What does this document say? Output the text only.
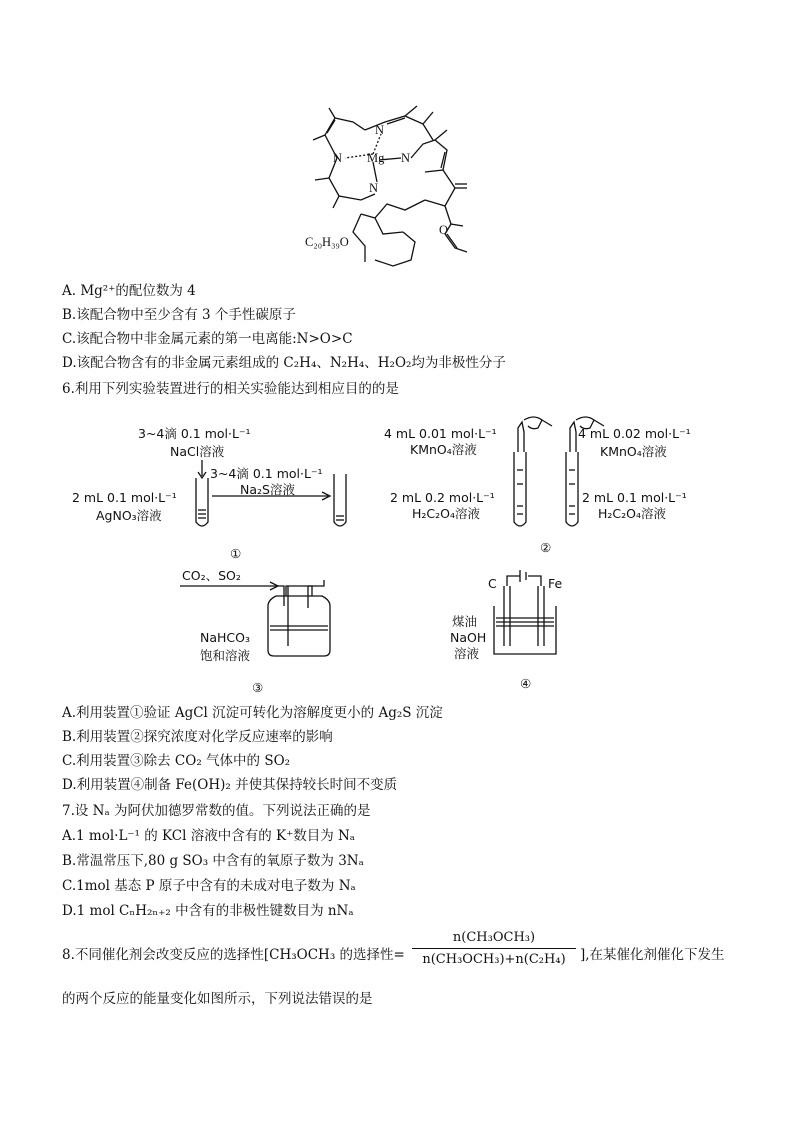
Mg
N
N	N
N
C₂₀H₃₉O
O
A. Mg²⁺的配位数为 4
B.该配合物中至少含有 3 个手性碳原子
C.该配合物中非金属元素的第一电离能:N>O>C
D.该配合物含有的非金属元素组成的 C₂H₄、N₂H₄、H₂O₂均为非极性分子
6.利用下列实验装置进行的相关实验能达到相应目的的是
3~4滴 0.1 mol·L⁻¹
NaCl溶液
3~4滴 0.1 mol·L⁻¹
Na₂S溶液
2 mL 0.1 mol·L⁻¹
AgNO₃溶液
①
4 mL 0.01 mol·L⁻¹
KMnO₄溶液
4 mL 0.02 mol·L⁻¹
KMnO₄溶液
2 mL 0.2 mol·L⁻¹
H₂C₂O₄溶液
2 mL 0.1 mol·L⁻¹
H₂C₂O₄溶液
②
CO₂、SO₂
NaHCO₃
饱和溶液
③
C	Fe
煤油
NaOH
溶液
④
A.利用装置①验证 AgCl 沉淀可转化为溶解度更小的 Ag₂S 沉淀
B.利用装置②探究浓度对化学反应速率的影响
C.利用装置③除去 CO₂ 气体中的 SO₂
D.利用装置④制备 Fe(OH)₂ 并使其保持较长时间不变质
7.设 Nₐ 为阿伏加德罗常数的值。下列说法正确的是
A.1 mol·L⁻¹ 的 KCl 溶液中含有的 K⁺数目为 Nₐ
B.常温常压下,80 g SO₃ 中含有的氧原子数为 3Nₐ
C.1mol 基态 P 原子中含有的未成对电子数为 Nₐ
D.1 mol CₙH₂ₙ₊₂ 中含有的非极性键数目为 nNₐ
8.不同催化剂会改变反应的选择性[CH₃OCH₃ 的选择性=
n(CH₃OCH₃)
n(CH₃OCH₃)+n(C₂H₄)	],在某催化剂催化下发生
的两个反应的能量变化如图所示，下列说法错误的是
